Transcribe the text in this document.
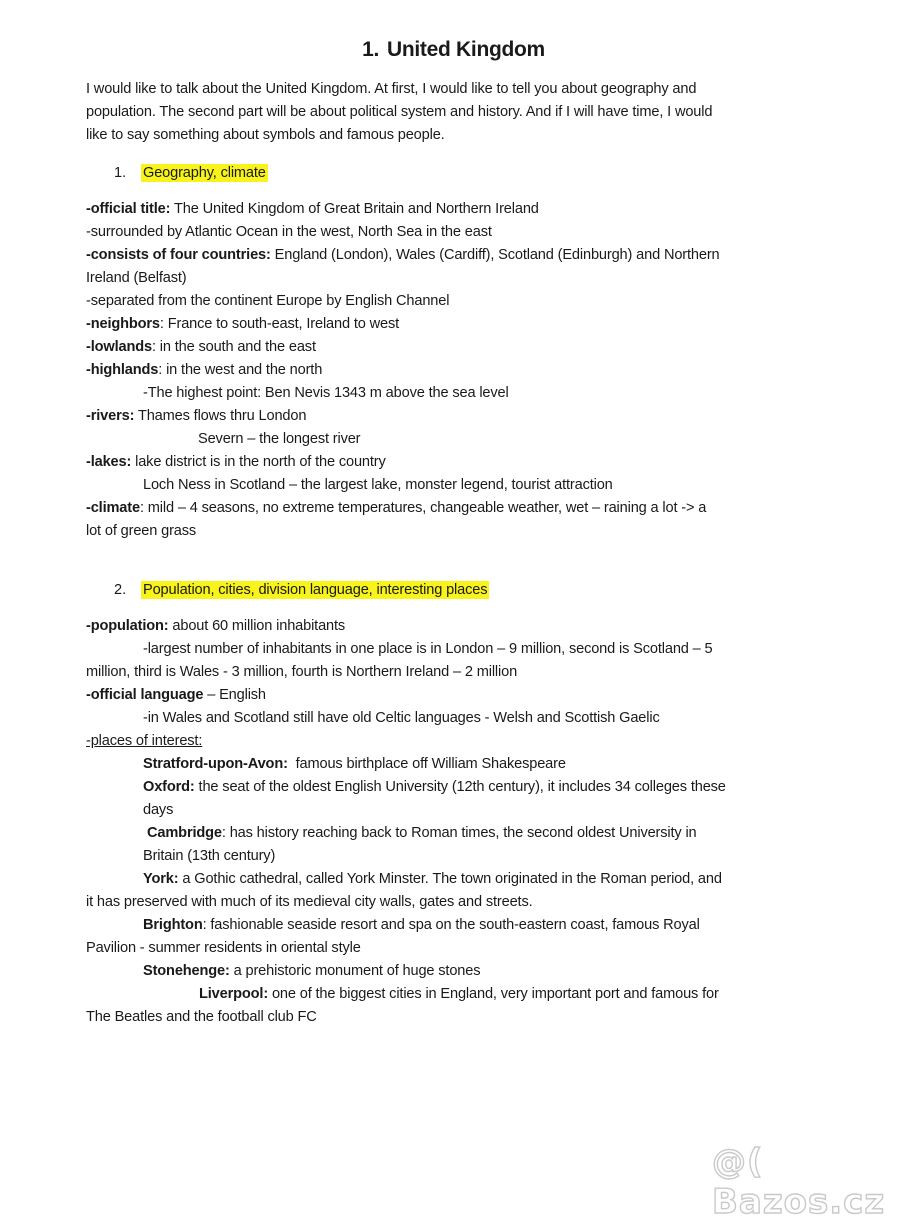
1. United Kingdom
I would like to talk about the United Kingdom. At first, I would like to tell you about geography and
population. The second part will be about political system and history. And if I will have time, I would
like to say something about symbols and famous people.
1. Geography, climate
-official title: The United Kingdom of Great Britain and Northern Ireland
-surrounded by Atlantic Ocean in the west, North Sea in the east
-consists of four countries: England (London), Wales (Cardiff), Scotland (Edinburgh) and Northern
Ireland (Belfast)
-separated from the continent Europe by English Channel
-neighbors: France to south-east, Ireland to west
-lowlands: in the south and the east
-highlands: in the west and the north
-The highest point: Ben Nevis 1343 m above the sea level
-rivers: Thames flows thru London
Severn – the longest river
-lakes: lake district is in the north of the country
Loch Ness in Scotland – the largest lake, monster legend, tourist attraction
-climate: mild – 4 seasons, no extreme temperatures, changeable weather, wet – raining a lot -> a
lot of green grass
2. Population, cities, division language, interesting places
-population: about 60 million inhabitants
-largest number of inhabitants in one place is in London – 9 million, second is Scotland – 5
million, third is Wales - 3 million, fourth is Northern Ireland – 2 million
-official language – English
-in Wales and Scotland still have old Celtic languages - Welsh and Scottish Gaelic
-places of interest:
Stratford-upon-Avon:  famous birthplace off William Shakespeare
Oxford: the seat of the oldest English University (12th century), it includes 34 colleges these
days
Cambridge: has history reaching back to Roman times, the second oldest University in
Britain (13th century)
York: a Gothic cathedral, called York Minster. The town originated in the Roman period, and
it has preserved with much of its medieval city walls, gates and streets.
Brighton: fashionable seaside resort and spa on the south-eastern coast, famous Royal
Pavilion - summer residents in oriental style
Stonehenge: a prehistoric monument of huge stones
Liverpool: one of the biggest cities in England, very important port and famous for
The Beatles and the football club FC
@( Bazos.cz
